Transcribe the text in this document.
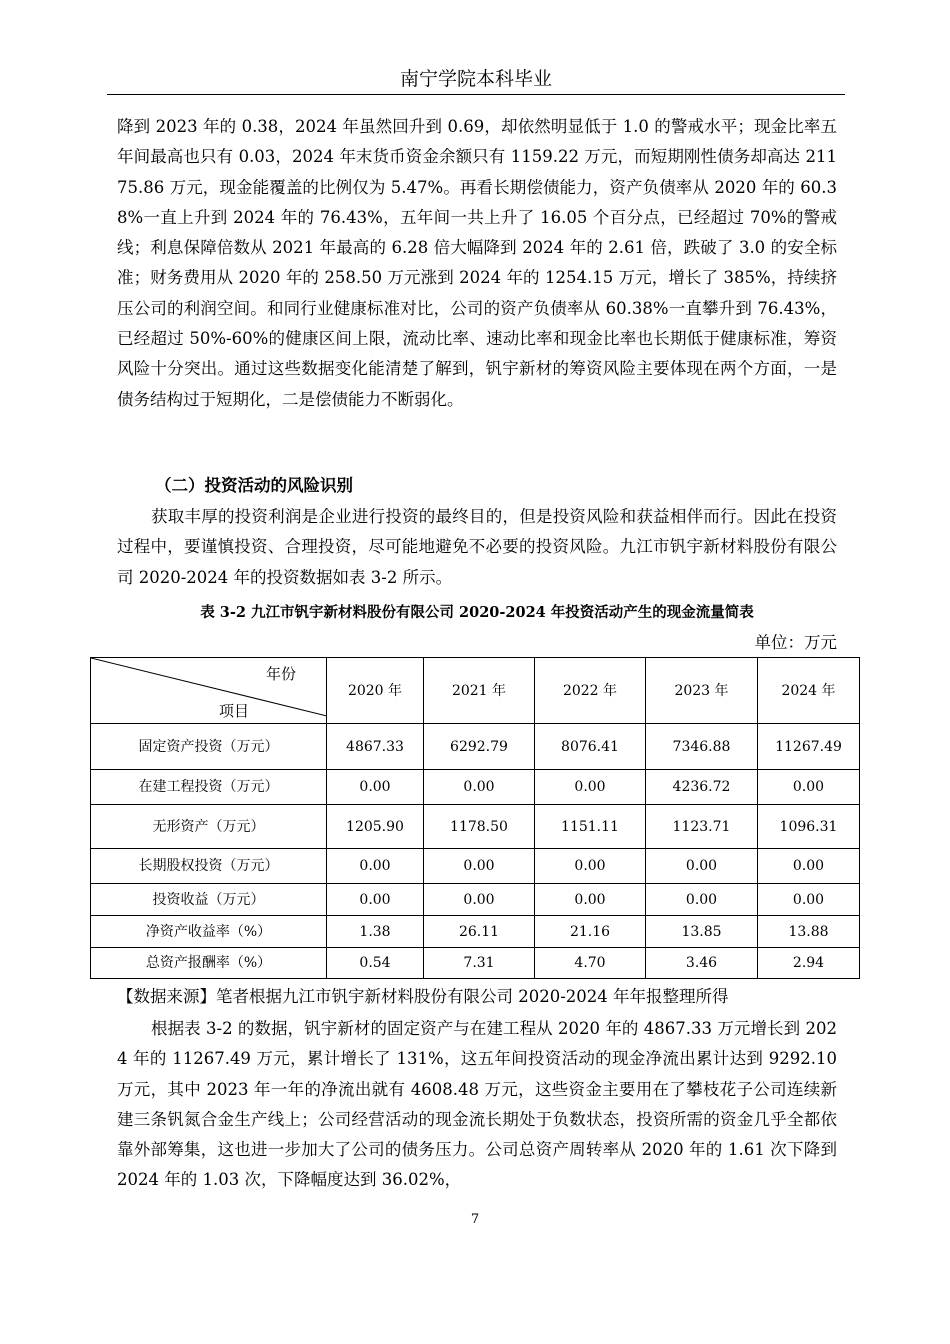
南宁学院本科毕业

降到 2023 年的 0.38，2024 年虽然回升到 0.69，却依然明显低于 1.0 的警戒水平；现金比率五年间最高也只有 0.03，2024 年末货币资金余额只有 1159.22 万元，而短期刚性债务却高达 21175.86 万元，现金能覆盖的比例仅为 5.47%。再看长期偿债能力，资产负债率从 2020 年的 60.38%一直上升到 2024 年的 76.43%，五年间一共上升了 16.05 个百分点，已经超过 70%的警戒线；利息保障倍数从 2021 年最高的 6.28 倍大幅降到 2024 年的 2.61 倍，跌破了 3.0 的安全标准；财务费用从 2020 年的 258.50 万元涨到 2024 年的 1254.15 万元，增长了 385%，持续挤压公司的利润空间。和同行业健康标准对比，公司的资产负债率从 60.38%一直攀升到 76.43%，已经超过 50%-60%的健康区间上限，流动比率、速动比率和现金比率也长期低于健康标准，筹资风险十分突出。通过这些数据变化能清楚了解到，钒宇新材的筹资风险主要体现在两个方面，一是债务结构过于短期化，二是偿债能力不断弱化。

（二）投资活动的风险识别

获取丰厚的投资利润是企业进行投资的最终目的，但是投资风险和获益相伴而行。因此在投资过程中，要谨慎投资、合理投资，尽可能地避免不必要的投资风险。九江市钒宇新材料股份有限公司 2020-2024 年的投资数据如表 3-2 所示。

表 3-2 九江市钒宇新材料股份有限公司 2020-2024 年投资活动产生的现金流量简表
单位：万元
年份
项目	2020 年	2021 年	2022 年	2023 年	2024 年
固定资产投资（万元）	4867.33	6292.79	8076.41	7346.88	11267.49
在建工程投资（万元）	0.00	0.00	0.00	4236.72	0.00
无形资产（万元）	1205.90	1178.50	1151.11	1123.71	1096.31
长期股权投资（万元）	0.00	0.00	0.00	0.00	0.00
投资收益（万元）	0.00	0.00	0.00	0.00	0.00
净资产收益率（%）	1.38	26.11	21.16	13.85	13.88
总资产报酬率（%）	0.54	7.31	4.70	3.46	2.94
【数据来源】笔者根据九江市钒宇新材料股份有限公司 2020-2024 年年报整理所得

根据表 3-2 的数据，钒宇新材的固定资产与在建工程从 2020 年的 4867.33 万元增长到 2024 年的 11267.49 万元，累计增长了 131%，这五年间投资活动的现金净流出累计达到 9292.10 万元，其中 2023 年一年的净流出就有 4608.48 万元，这些资金主要用在了攀枝花子公司连续新建三条钒氮合金生产线上；公司经营活动的现金流长期处于负数状态，投资所需的资金几乎全都依靠外部筹集，这也进一步加大了公司的债务压力。公司总资产周转率从 2020 年的 1.61 次下降到 2024 年的 1.03 次，下降幅度达到 36.02%，

7
